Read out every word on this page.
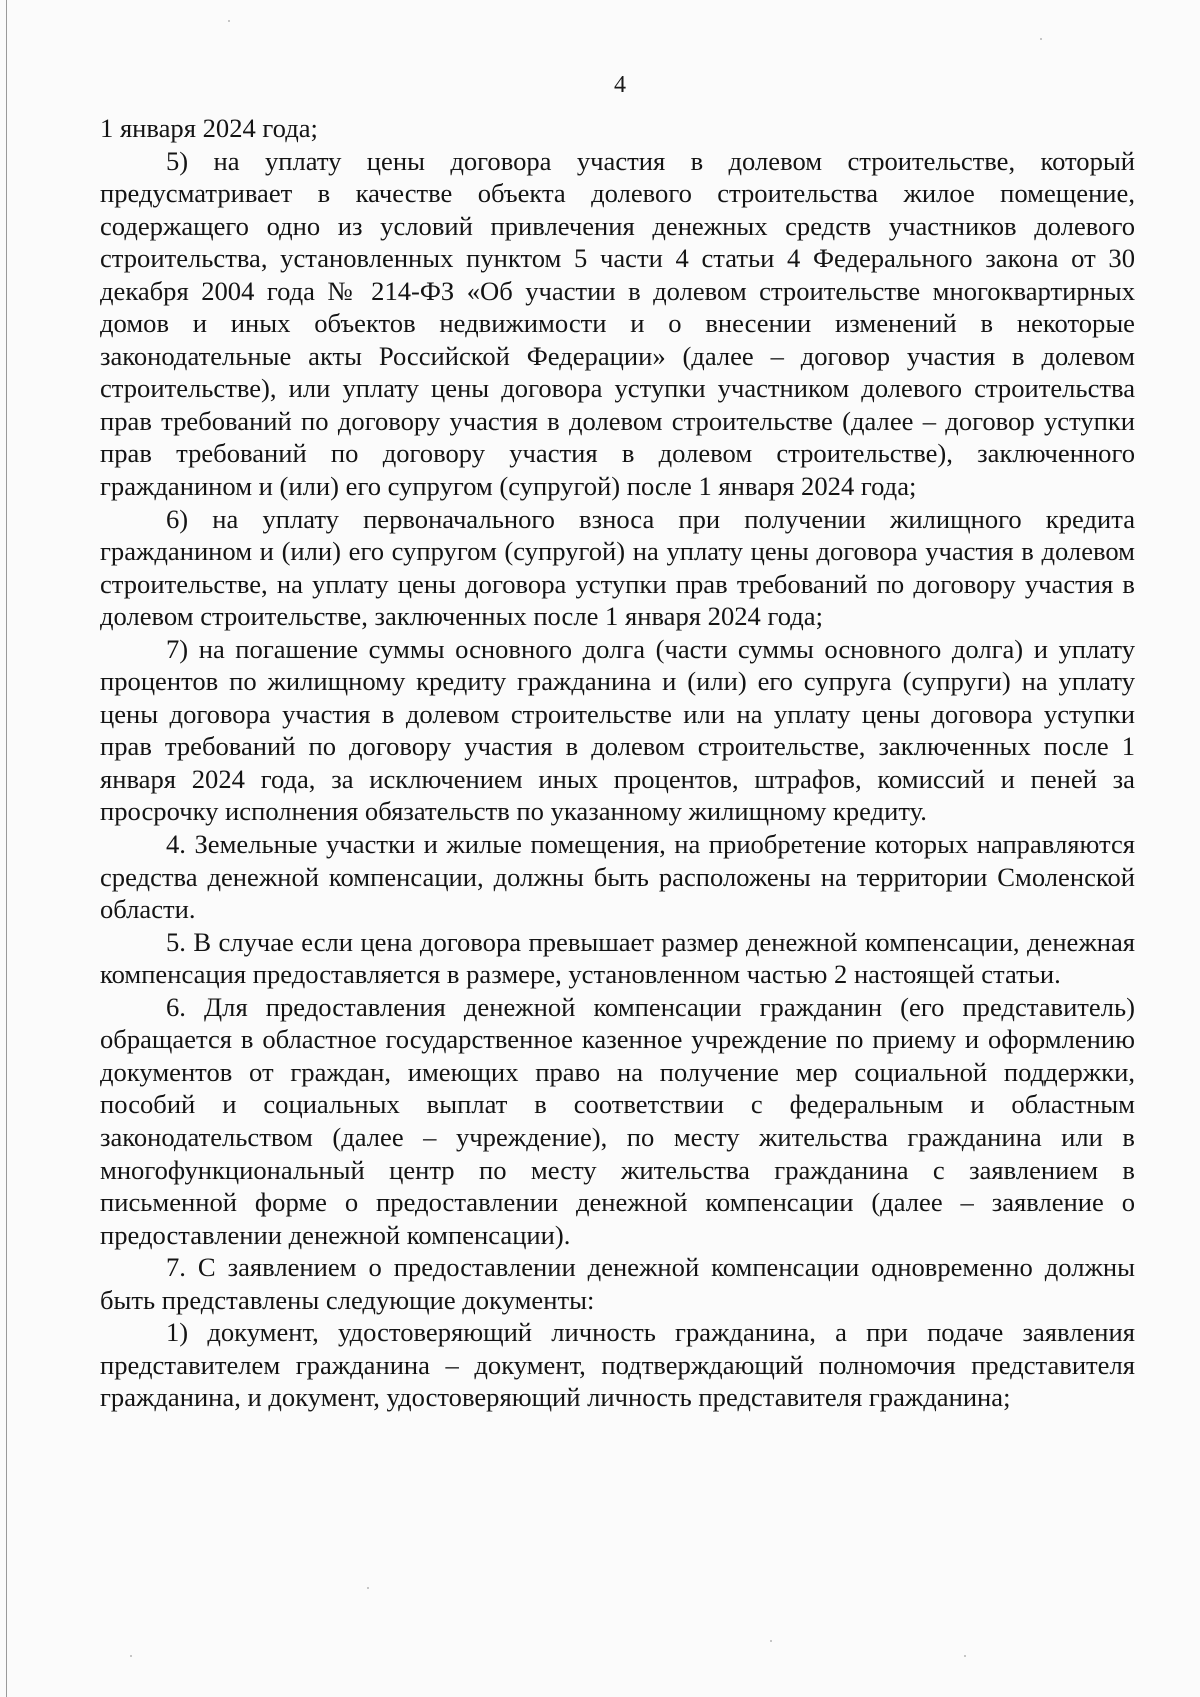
4

1 января 2024 года;

5) на уплату цены договора участия в долевом строительстве, который предусматривает в качестве объекта долевого строительства жилое помещение, содержащего одно из условий привлечения денежных средств участников долевого строительства, установленных пунктом 5 части 4 статьи 4 Федерального закона от 30 декабря 2004 года № 214-ФЗ «Об участии в долевом строительстве многоквартирных домов и иных объектов недвижимости и о внесении изменений в некоторые законодательные акты Российской Федерации» (далее – договор участия в долевом строительстве), или уплату цены договора уступки участником долевого строительства прав требований по договору участия в долевом строительстве (далее – договор уступки прав требований по договору участия в долевом строительстве), заключенного гражданином и (или) его супругом (супругой) после 1 января 2024 года;

6) на уплату первоначального взноса при получении жилищного кредита гражданином и (или) его супругом (супругой) на уплату цены договора участия в долевом строительстве, на уплату цены договора уступки прав требований по договору участия в долевом строительстве, заключенных после 1 января 2024 года;

7) на погашение суммы основного долга (части суммы основного долга) и уплату процентов по жилищному кредиту гражданина и (или) его супруга (супруги) на уплату цены договора участия в долевом строительстве или на уплату цены договора уступки прав требований по договору участия в долевом строительстве, заключенных после 1 января 2024 года, за исключением иных процентов, штрафов, комиссий и пеней за просрочку исполнения обязательств по указанному жилищному кредиту.

4. Земельные участки и жилые помещения, на приобретение которых направляются средства денежной компенсации, должны быть расположены на территории Смоленской области.

5. В случае если цена договора превышает размер денежной компенсации, денежная компенсация предоставляется в размере, установленном частью 2 настоящей статьи.

6. Для предоставления денежной компенсации гражданин (его представитель) обращается в областное государственное казенное учреждение по приему и оформлению документов от граждан, имеющих право на получение мер социальной поддержки, пособий и социальных выплат в соответствии с федеральным и областным законодательством (далее – учреждение), по месту жительства гражданина или в многофункциональный центр по месту жительства гражданина с заявлением в письменной форме о предоставлении денежной компенсации (далее – заявление о предоставлении денежной компенсации).

7. С заявлением о предоставлении денежной компенсации одновременно должны быть представлены следующие документы:

1) документ, удостоверяющий личность гражданина, а при подаче заявления представителем гражданина – документ, подтверждающий полномочия представителя гражданина, и документ, удостоверяющий личность представителя гражданина;
